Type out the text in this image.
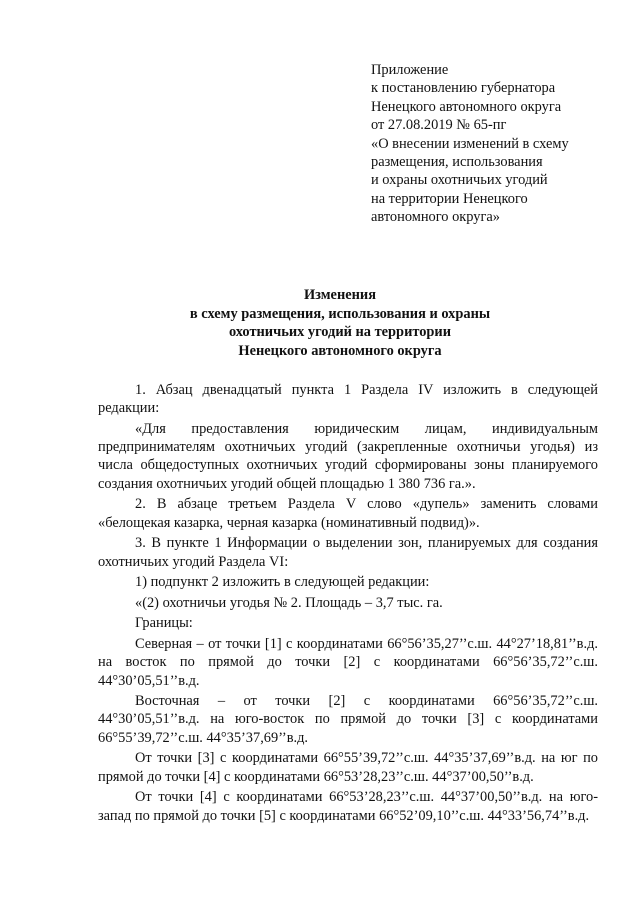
Приложение
к постановлению губернатора
Ненецкого автономного округа
от 27.08.2019 № 65-пг
«О внесении изменений в схему
размещения, использования
и охраны охотничьих угодий
на территории Ненецкого
автономного округа»
Изменения
в схему размещения, использования и охраны
охотничьих угодий на территории
Ненецкого автономного округа

1. Абзац двенадцатый пункта 1 Раздела IV изложить в следующей редакции:

«Для предоставления юридическим лицам, индивидуальным предпринимателям охотничьих угодий (закрепленные охотничьи угодья) из числа общедоступных охотничьих угодий сформированы зоны планируемого создания охотничьих угодий общей площадью 1 380 736 га.».

2. В абзаце третьем Раздела V слово «дупель» заменить словами «белощекая казарка, черная казарка (номинативный подвид)».

3. В пункте 1 Информации о выделении зон, планируемых для создания охотничьих угодий Раздела VI:

1) подпункт 2 изложить в следующей редакции:

«(2) охотничьи угодья № 2. Площадь – 3,7 тыс. га.

Границы:

Северная – от точки [1] с координатами 66°56’35,27’’с.ш. 44°27’18,81’’в.д. на восток по прямой до точки [2] с координатами 66°56’35,72’’с.ш. 44°30’05,51’’в.д.

Восточная – от точки [2] с координатами 66°56’35,72’’с.ш. 44°30’05,51’’в.д. на юго-восток по прямой до точки [3] с координатами 66°55’39,72’’с.ш. 44°35’37,69’’в.д.

От точки [3] с координатами 66°55’39,72’’с.ш. 44°35’37,69’’в.д. на юг по прямой до точки [4] с координатами 66°53’28,23’’с.ш. 44°37’00,50’’в.д.

От точки [4] с координатами 66°53’28,23’’с.ш. 44°37’00,50’’в.д. на юго-запад по прямой до точки [5] с координатами 66°52’09,10’’с.ш. 44°33’56,74’’в.д.
